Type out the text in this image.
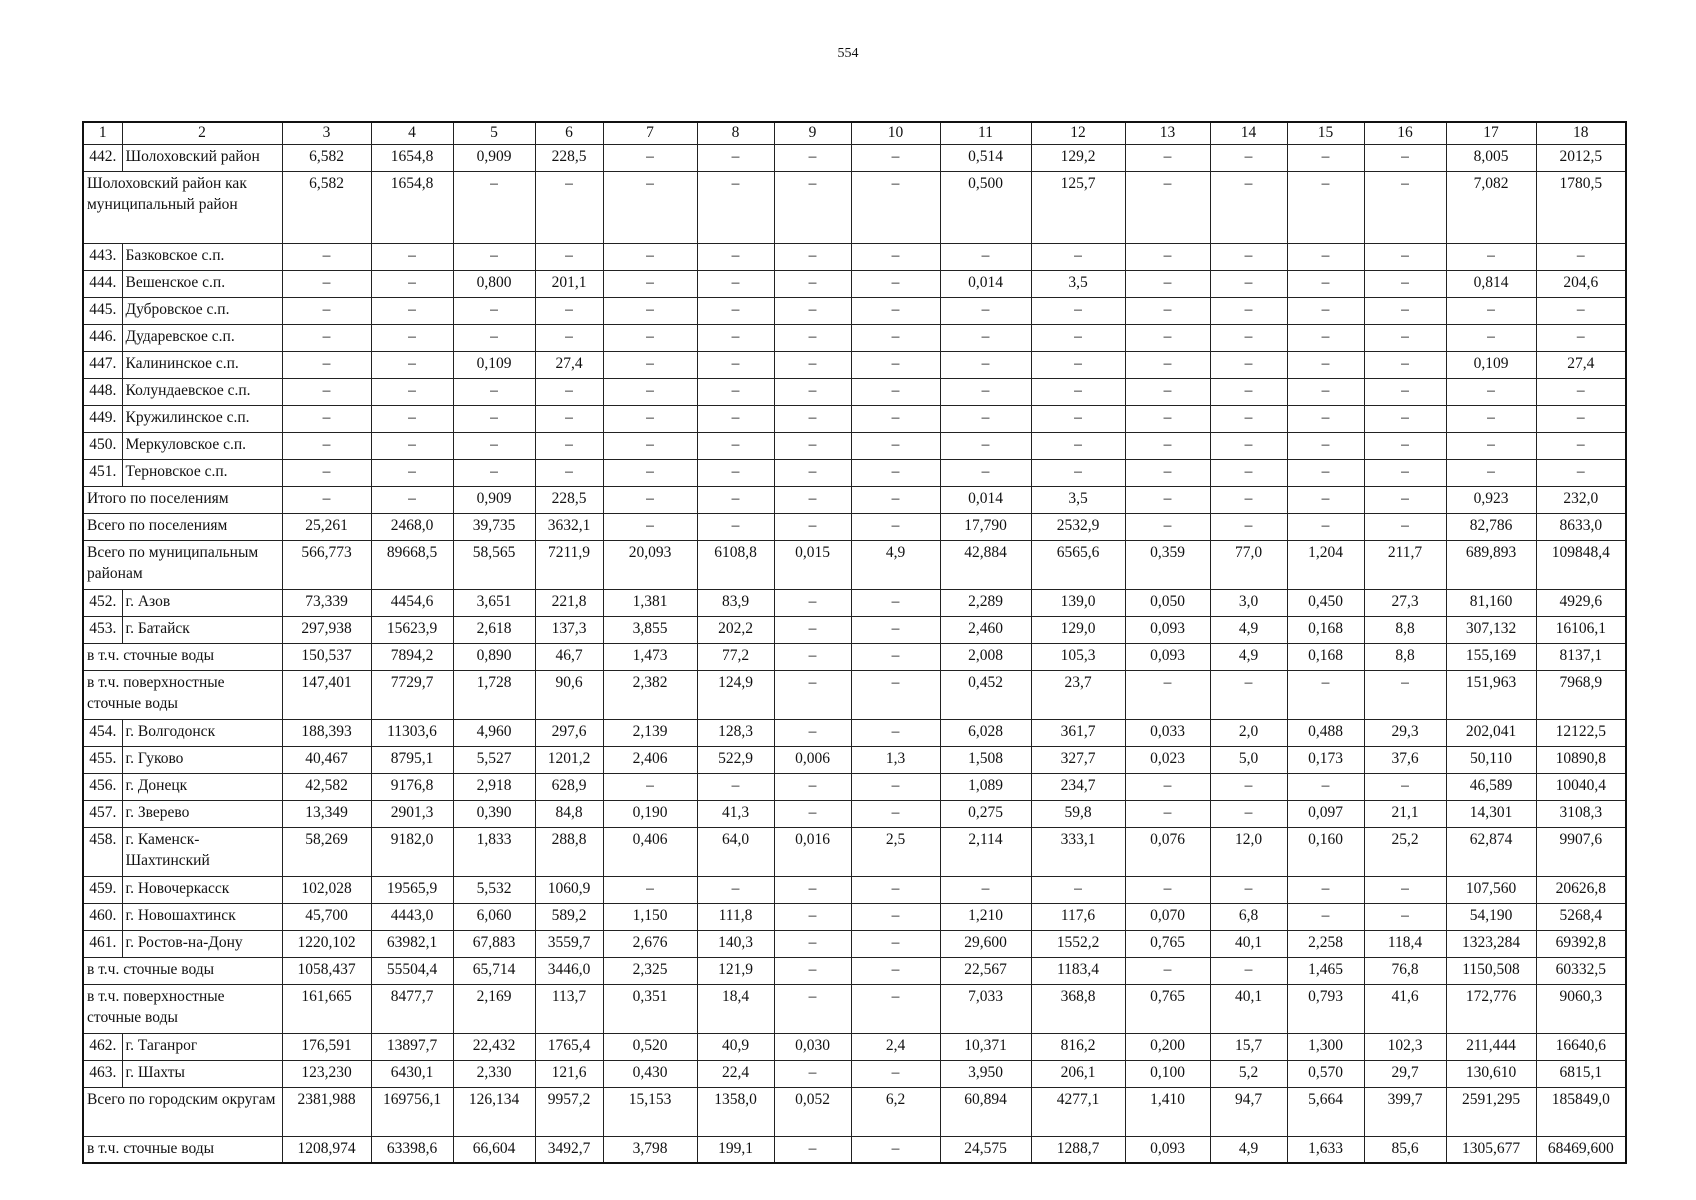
554
1	2	3	4	5	6	7	8	9	10	11	12	13	14	15	16	17	18
442.	Шолоховский район	6,582	1654,8	0,909	228,5	–	–	–	–	0,514	129,2	–	–	–	–	8,005	2012,5
Шолоховский район как муниципальный район		6,582	1654,8	–	–	–	–	–	–	0,500	125,7	–	–	–	–	7,082	1780,5
443.	Базковское с.п.	–	–	–	–	–	–	–	–	–	–	–	–	–	–	–	–
444.	Вешенское с.п.	–	–	0,800	201,1	–	–	–	–	0,014	3,5	–	–	–	–	0,814	204,6
445.	Дубровское с.п.	–	–	–	–	–	–	–	–	–	–	–	–	–	–	–	–
446.	Дударевское с.п.	–	–	–	–	–	–	–	–	–	–	–	–	–	–	–	–
447.	Калининское с.п.	–	–	0,109	27,4	–	–	–	–	–	–	–	–	–	–	0,109	27,4
448.	Колундаевское с.п.	–	–	–	–	–	–	–	–	–	–	–	–	–	–	–	–
449.	Кружилинское с.п.	–	–	–	–	–	–	–	–	–	–	–	–	–	–	–	–
450.	Меркуловское с.п.	–	–	–	–	–	–	–	–	–	–	–	–	–	–	–	–
451.	Терновское с.п.	–	–	–	–	–	–	–	–	–	–	–	–	–	–	–	–
Итого по поселениям		–	–	0,909	228,5	–	–	–	–	0,014	3,5	–	–	–	–	0,923	232,0
Всего по поселениям		25,261	2468,0	39,735	3632,1	–	–	–	–	17,790	2532,9	–	–	–	–	82,786	8633,0
Всего по муниципальным районам		566,773	89668,5	58,565	7211,9	20,093	6108,8	0,015	4,9	42,884	6565,6	0,359	77,0	1,204	211,7	689,893	109848,4
452.	г. Азов	73,339	4454,6	3,651	221,8	1,381	83,9	–	–	2,289	139,0	0,050	3,0	0,450	27,3	81,160	4929,6
453.	г. Батайск	297,938	15623,9	2,618	137,3	3,855	202,2	–	–	2,460	129,0	0,093	4,9	0,168	8,8	307,132	16106,1
в т.ч. сточные воды		150,537	7894,2	0,890	46,7	1,473	77,2	–	–	2,008	105,3	0,093	4,9	0,168	8,8	155,169	8137,1
в т.ч. поверхностные сточные воды		147,401	7729,7	1,728	90,6	2,382	124,9	–	–	0,452	23,7	–	–	–	–	151,963	7968,9
454.	г. Волгодонск	188,393	11303,6	4,960	297,6	2,139	128,3	–	–	6,028	361,7	0,033	2,0	0,488	29,3	202,041	12122,5
455.	г. Гуково	40,467	8795,1	5,527	1201,2	2,406	522,9	0,006	1,3	1,508	327,7	0,023	5,0	0,173	37,6	50,110	10890,8
456.	г. Донецк	42,582	9176,8	2,918	628,9	–	–	–	–	1,089	234,7	–	–	–	–	46,589	10040,4
457.	г. Зверево	13,349	2901,3	0,390	84,8	0,190	41,3	–	–	0,275	59,8	–	–	0,097	21,1	14,301	3108,3
458.	г. Каменск-Шахтинский	58,269	9182,0	1,833	288,8	0,406	64,0	0,016	2,5	2,114	333,1	0,076	12,0	0,160	25,2	62,874	9907,6
459.	г. Новочеркасск	102,028	19565,9	5,532	1060,9	–	–	–	–	–	–	–	–	–	–	107,560	20626,8
460.	г. Новошахтинск	45,700	4443,0	6,060	589,2	1,150	111,8	–	–	1,210	117,6	0,070	6,8	–	–	54,190	5268,4
461.	г. Ростов-на-Дону	1220,102	63982,1	67,883	3559,7	2,676	140,3	–	–	29,600	1552,2	0,765	40,1	2,258	118,4	1323,284	69392,8
в т.ч. сточные воды		1058,437	55504,4	65,714	3446,0	2,325	121,9	–	–	22,567	1183,4	–	–	1,465	76,8	1150,508	60332,5
в т.ч. поверхностные сточные воды		161,665	8477,7	2,169	113,7	0,351	18,4	–	–	7,033	368,8	0,765	40,1	0,793	41,6	172,776	9060,3
462.	г. Таганрог	176,591	13897,7	22,432	1765,4	0,520	40,9	0,030	2,4	10,371	816,2	0,200	15,7	1,300	102,3	211,444	16640,6
463.	г. Шахты	123,230	6430,1	2,330	121,6	0,430	22,4	–	–	3,950	206,1	0,100	5,2	0,570	29,7	130,610	6815,1
Всего по городским округам		2381,988	169756,1	126,134	9957,2	15,153	1358,0	0,052	6,2	60,894	4277,1	1,410	94,7	5,664	399,7	2591,295	185849,0
в т.ч. сточные воды		1208,974	63398,6	66,604	3492,7	3,798	199,1	–	–	24,575	1288,7	0,093	4,9	1,633	85,6	1305,677	68469,600
